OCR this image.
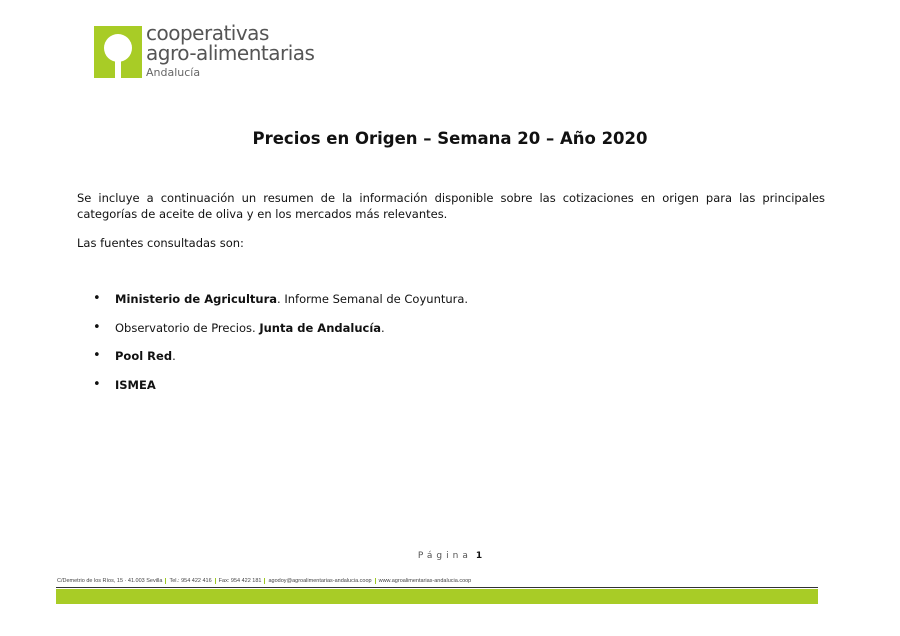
cooperativas
agro-alimentarias
Andalucía
Precios en Origen – Semana 20 – Año 2020

Se incluye a continuación un resumen de la información disponible sobre las cotizaciones en origen para las principales categorías de aceite de oliva y en los mercados más relevantes.

Las fuentes consultadas son:

• Ministerio de Agricultura. Informe Semanal de Coyuntura.
• Observatorio de Precios. Junta de Andalucía.
• Pool Red.
• ISMEA
Página 1
C/Demetrio de los Ríos, 15 · 41.003 Sevilla Tel.: 954 422 416 Fax: 954 422 181 agodoy@agroalimentarias-andalucia.coop www.agroalimentarias-andalucia.coop
